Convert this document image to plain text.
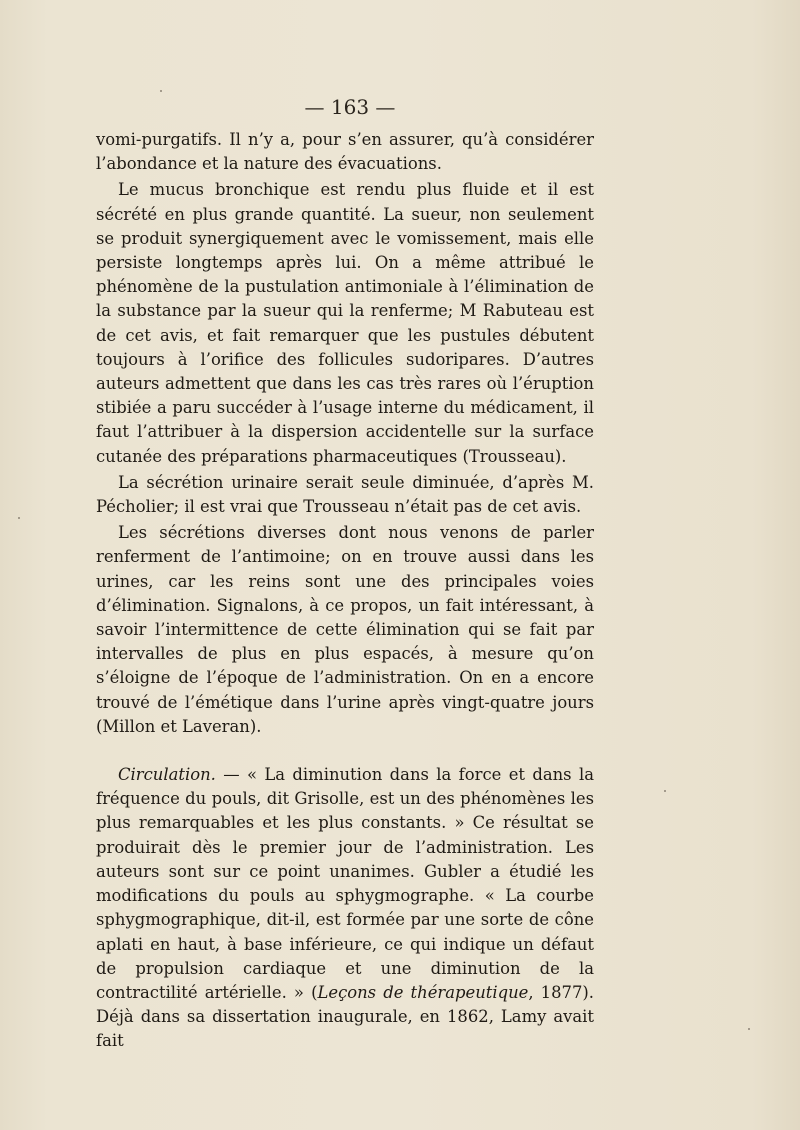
— 163 —

vomi-purgatifs. Il n’y a, pour s’en assurer, qu’à considérer l’abondance et la nature des évacuations.

Le mucus bronchique est rendu plus fluide et il est sécrété en plus grande quantité. La sueur, non seulement se produit synergiquement avec le vomissement, mais elle persiste longtemps après lui. On a même attribué le phénomène de la pustulation antimoniale à l’élimination de la substance par la sueur qui la renferme; M Rabuteau est de cet avis, et fait remarquer que les pustules débutent toujours à l’orifice des follicules sudoripares. D’autres auteurs admettent que dans les cas très rares où l’éruption stibiée a paru succéder à l’usage interne du médicament, il faut l’attribuer à la dispersion accidentelle sur la surface cutanée des préparations pharmaceutiques (Trousseau).

La sécrétion urinaire serait seule diminuée, d’après M. Pécholier; il est vrai que Trousseau n’était pas de cet avis.

Les sécrétions diverses dont nous venons de parler renferment de l’antimoine; on en trouve aussi dans les urines, car les reins sont une des principales voies d’élimination. Signalons, à ce propos, un fait intéressant, à savoir l’intermittence de cette élimination qui se fait par intervalles de plus en plus espacés, à mesure qu’on s’éloigne de l’époque de l’administration. On en a encore trouvé de l’émétique dans l’urine après vingt-quatre jours (Millon et Laveran).

Circulation. — « La diminution dans la force et dans la fréquence du pouls, dit Grisolle, est un des phénomènes les plus remarquables et les plus constants. » Ce résultat se produirait dès le premier jour de l’administration. Les auteurs sont sur ce point unanimes. Gubler a étudié les modifications du pouls au sphygmographe. « La courbe sphygmographique, dit-il, est formée par une sorte de cône aplati en haut, à base inférieure, ce qui indique un défaut de propulsion cardiaque et une diminution de la contractilité artérielle. » (Leçons de thérapeutique, 1877). Déjà dans sa dissertation inaugurale, en 1862, Lamy avait fait
